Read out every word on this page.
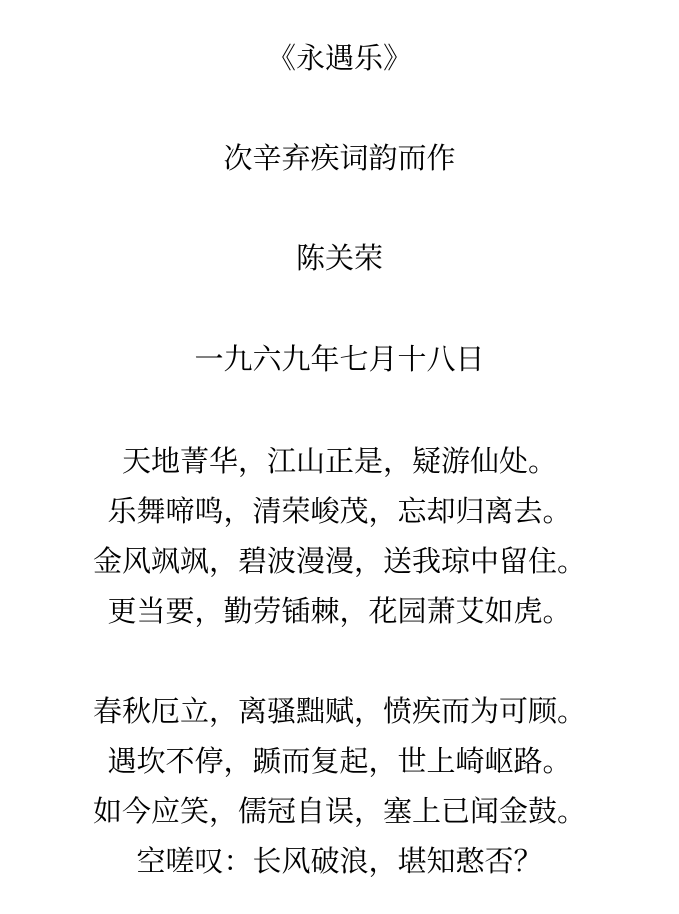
《永遇乐》
次辛弃疾词韵而作
陈关荣
一九六九年七月十八日
天地菁华，江山正是，疑游仙处。
乐舞啼鸣，清荣峻茂，忘却归离去。
金风飒飒，碧波漫漫，送我琼中留住。
更当要，勤劳锸棘，花园萧艾如虎。
春秋厄立，离骚黜赋，愤疾而为可顾。
遇坎不停，踬而复起，世上崎岖路。
如今应笑，儒冠自误，塞上已闻金鼓。
空嗟叹：长风破浪，堪知憨否？
